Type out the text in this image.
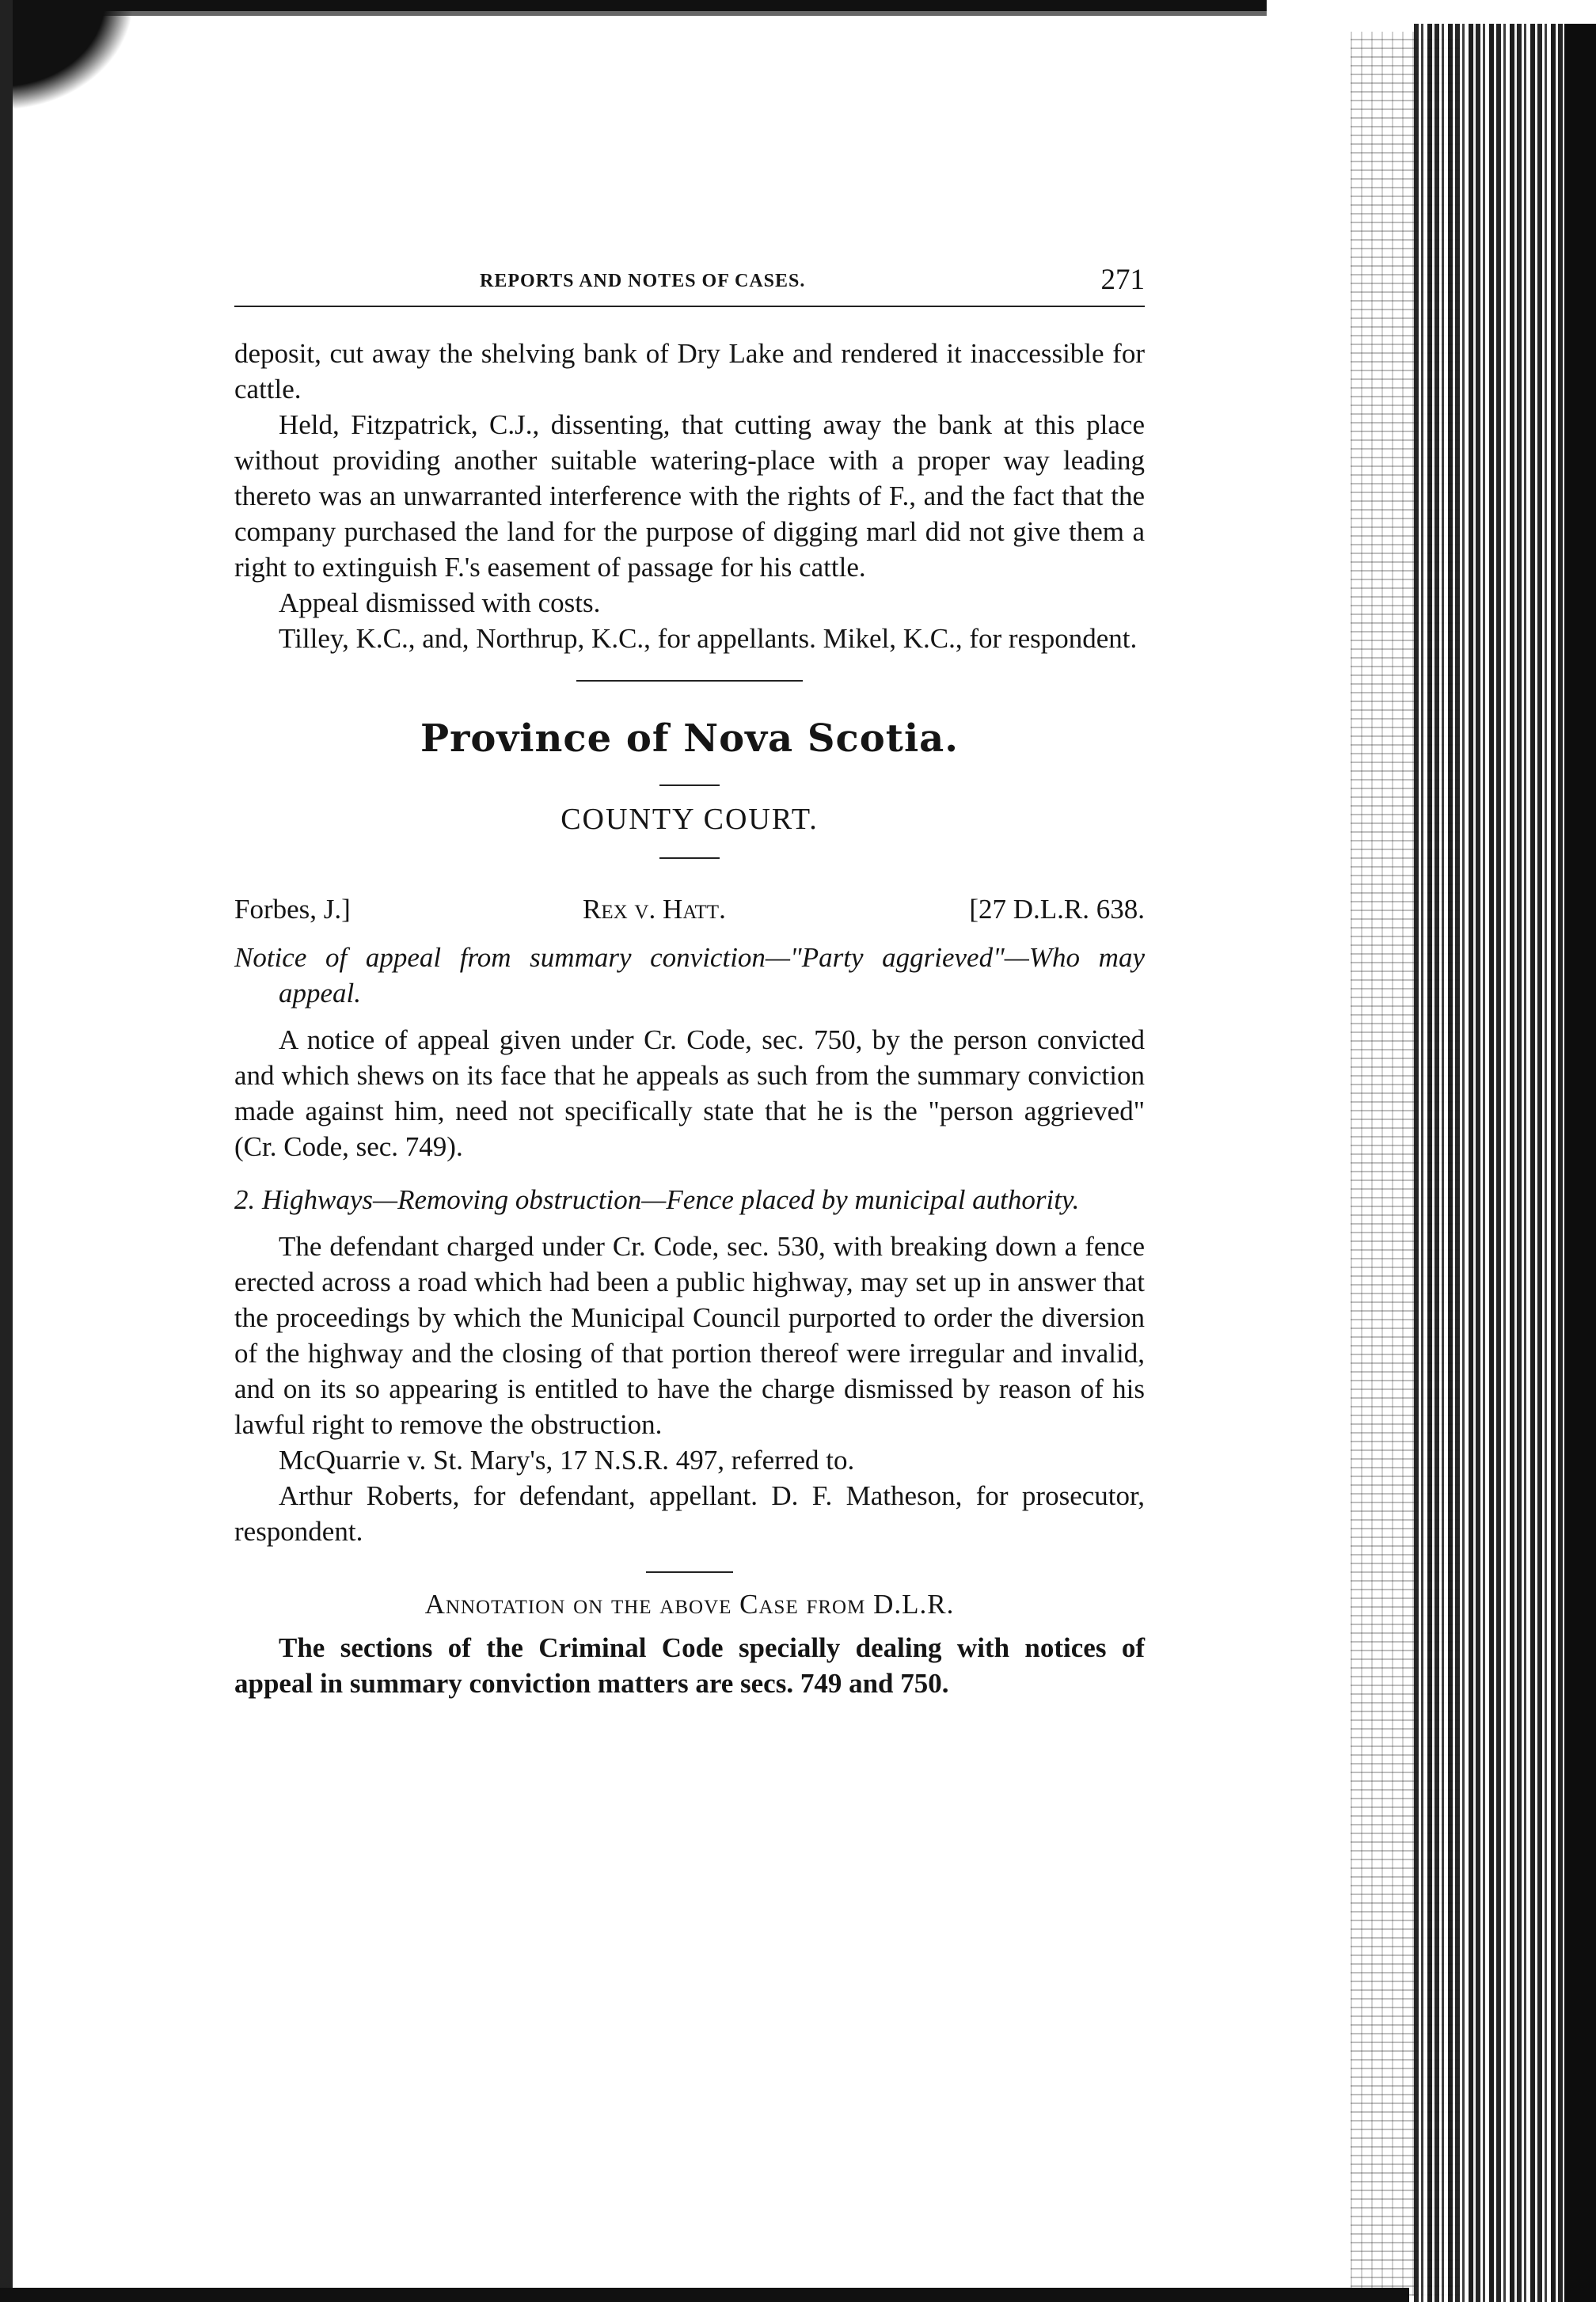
REPORTS AND NOTES OF CASES.	271

deposit, cut away the shelving bank of Dry Lake and rendered it inaccessible for cattle.

Held, Fitzpatrick, C.J., dissenting, that cutting away the bank at this place without providing another suitable watering-place with a proper way leading thereto was an unwarranted interference with the rights of F., and the fact that the company purchased the land for the purpose of digging marl did not give them a right to extinguish F.'s easement of passage for his cattle.

Appeal dismissed with costs.

Tilley, K.C., and, Northrup, K.C., for appellants. Mikel, K.C., for respondent.

Province of Nova Scotia.
COUNTY COURT.
Forbes, J.]	Rex v. Hatt.	[27 D.L.R. 638.

Notice of appeal from summary conviction—"Party aggrieved"—Who may appeal.

A notice of appeal given under Cr. Code, sec. 750, by the person convicted and which shews on its face that he appeals as such from the summary conviction made against him, need not specifically state that he is the "person aggrieved" (Cr. Code, sec. 749).

2. Highways—Removing obstruction—Fence placed by municipal authority.

The defendant charged under Cr. Code, sec. 530, with breaking down a fence erected across a road which had been a public highway, may set up in answer that the proceedings by which the Municipal Council purported to order the diversion of the highway and the closing of that portion thereof were irregular and invalid, and on its so appearing is entitled to have the charge dismissed by reason of his lawful right to remove the obstruction.

McQuarrie v. St. Mary's, 17 N.S.R. 497, referred to.

Arthur Roberts, for defendant, appellant. D. F. Matheson, for prosecutor, respondent.

Annotation on the above Case from D.L.R.

The sections of the Criminal Code specially dealing with notices of appeal in summary conviction matters are secs. 749 and 750.
